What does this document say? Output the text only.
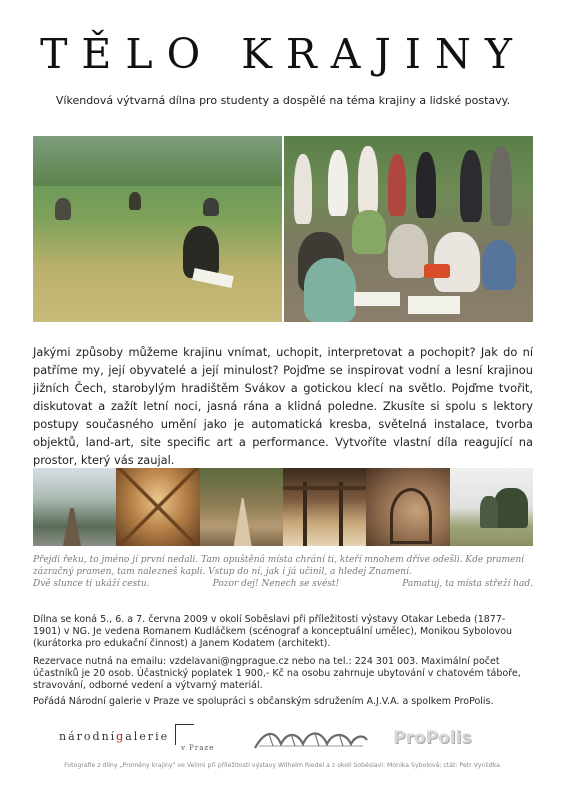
TĚLO KRAJINY

Víkendová výtvarná dílna pro studenty a dospělé na téma krajiny a lidské postavy.

Jakými způsoby můžeme krajinu vnímat, uchopit, interpretovat a pochopit? Jak do ní patříme my, její obyvatelé a její minulost? Pojďme se inspirovat vodní a lesní krajinou jižních Čech, starobylým hradištěm Svákov a gotickou klecí na světlo. Pojďme tvořit, diskutovat a zažít letní noci, jasná rána a klidná poledne. Zkusíte si spolu s lektory postupy současného umění jako je automatická kresba, světelná instalace, tvorba objektů, land-art, site specific art a performance. Vytvoříte vlastní díla reagující na prostor, který vás zaujal.

Přejdi řeku, to jméno jí první nedali. Tam opuštěná místa chrání ti, kteří mnohem dříve odešli. Kde pramení
zázračný pramen, tam nalezneš kapli. Vstup do ní, jak i já učinil, a hledej Znamení.
Dvě slunce ti ukáží cestu.	Pozor dej! Nenech se svést!	Pamatuj, ta místa střeží had.

Dílna se koná 5., 6. a 7. června 2009 v okolí Soběslavi při příležitosti výstavy Otakar Lebeda (1877-1901) v NG. Je vedena Romanem Kudláčkem (scénograf a konceptuální umělec), Monikou Sybolovou (kurátorka pro edukační činnost) a Janem Kodatem (architekt).

Rezervace nutná na emailu: vzdelavani@ngprague.cz nebo na tel.: 224 301 003. Maximální počet účastníků je 20 osob. Účastnický poplatek 1 900,- Kč na osobu zahrnuje ubytování v chatovém táboře, stravování, odborné vedení a výtvarný materiál.

Pořádá Národní galerie v Praze ve spolupráci s občanským sdružením A.J.V.A. a spolkem ProPolis.

národnígalerie
v Praze	ProPolis

Fotografie z dílny „Proměny krajiny" ve Velimi při příležitosti výstavy Wilhelm Riedel a z okolí Soběslavi: Monika Sybolová; ctát: Petr Vynlidka.
